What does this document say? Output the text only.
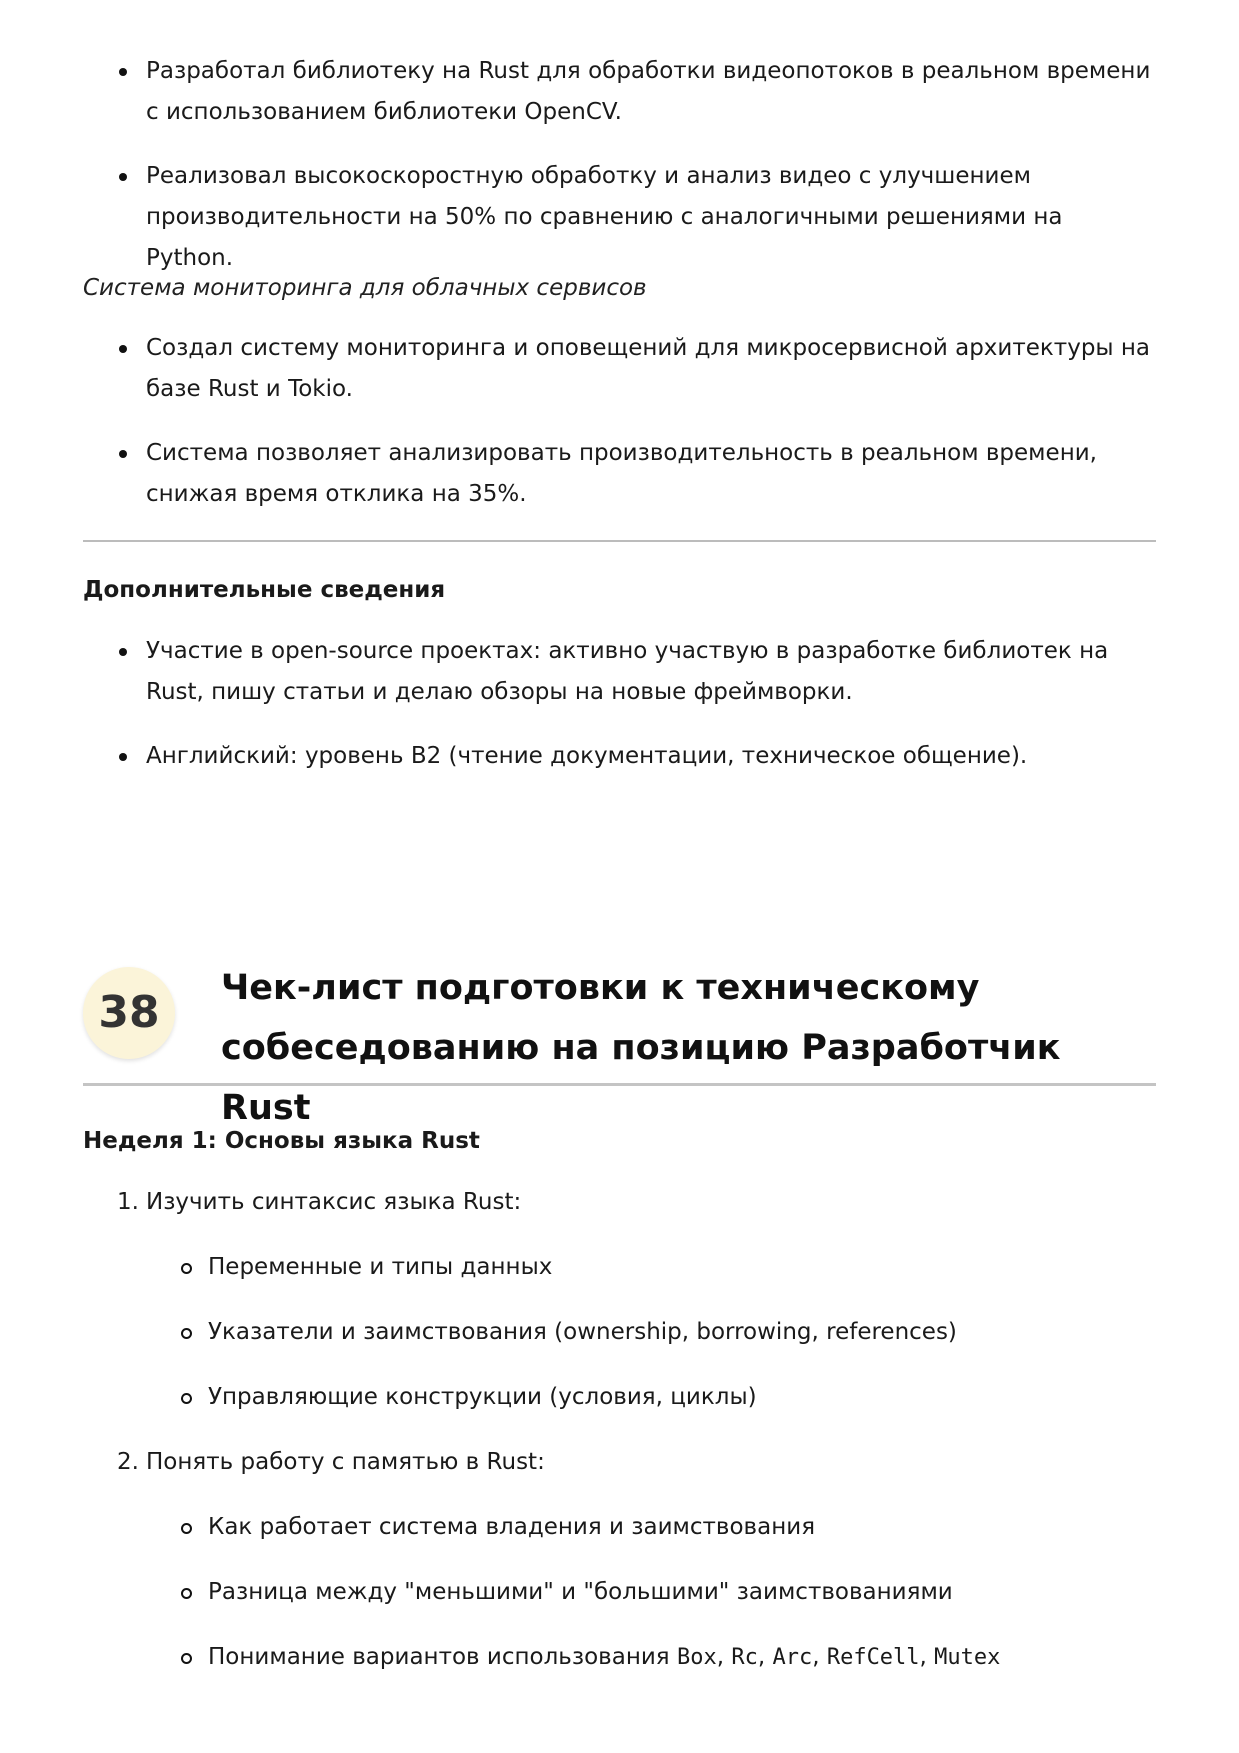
Разработал библиотеку на Rust для обработки видеопотоков в реальном времени с использованием библиотеки OpenCV.
Реализовал высокоскоростную обработку и анализ видео с улучшением производительности на 50% по сравнению с аналогичными решениями на Python.

Система мониторинга для облачных сервисов

Создал систему мониторинга и оповещений для микросервисной архитектуры на базе Rust и Tokio.
Система позволяет анализировать производительность в реальном времени, снижая время отклика на 35%.
Дополнительные сведения
Участие в open-source проектах: активно участвую в разработке библиотек на Rust, пишу статьи и делаю обзоры на новые фреймворки.
Английский: уровень B2 (чтение документации, техническое общение).
38	Чек-лист подготовки к техническому собеседованию на позицию Разработчик Rust
Неделя 1: Основы языка Rust
1. Изучить синтаксис языка Rust:
Переменные и типы данных
Указатели и заимствования (ownership, borrowing, references)
Управляющие конструкции (условия, циклы)
2. Понять работу с памятью в Rust:
Как работает система владения и заимствования
Разница между "меньшими" и "большими" заимствованиями
Понимание вариантов использования Box, Rc, Arc, RefCell, Mutex
